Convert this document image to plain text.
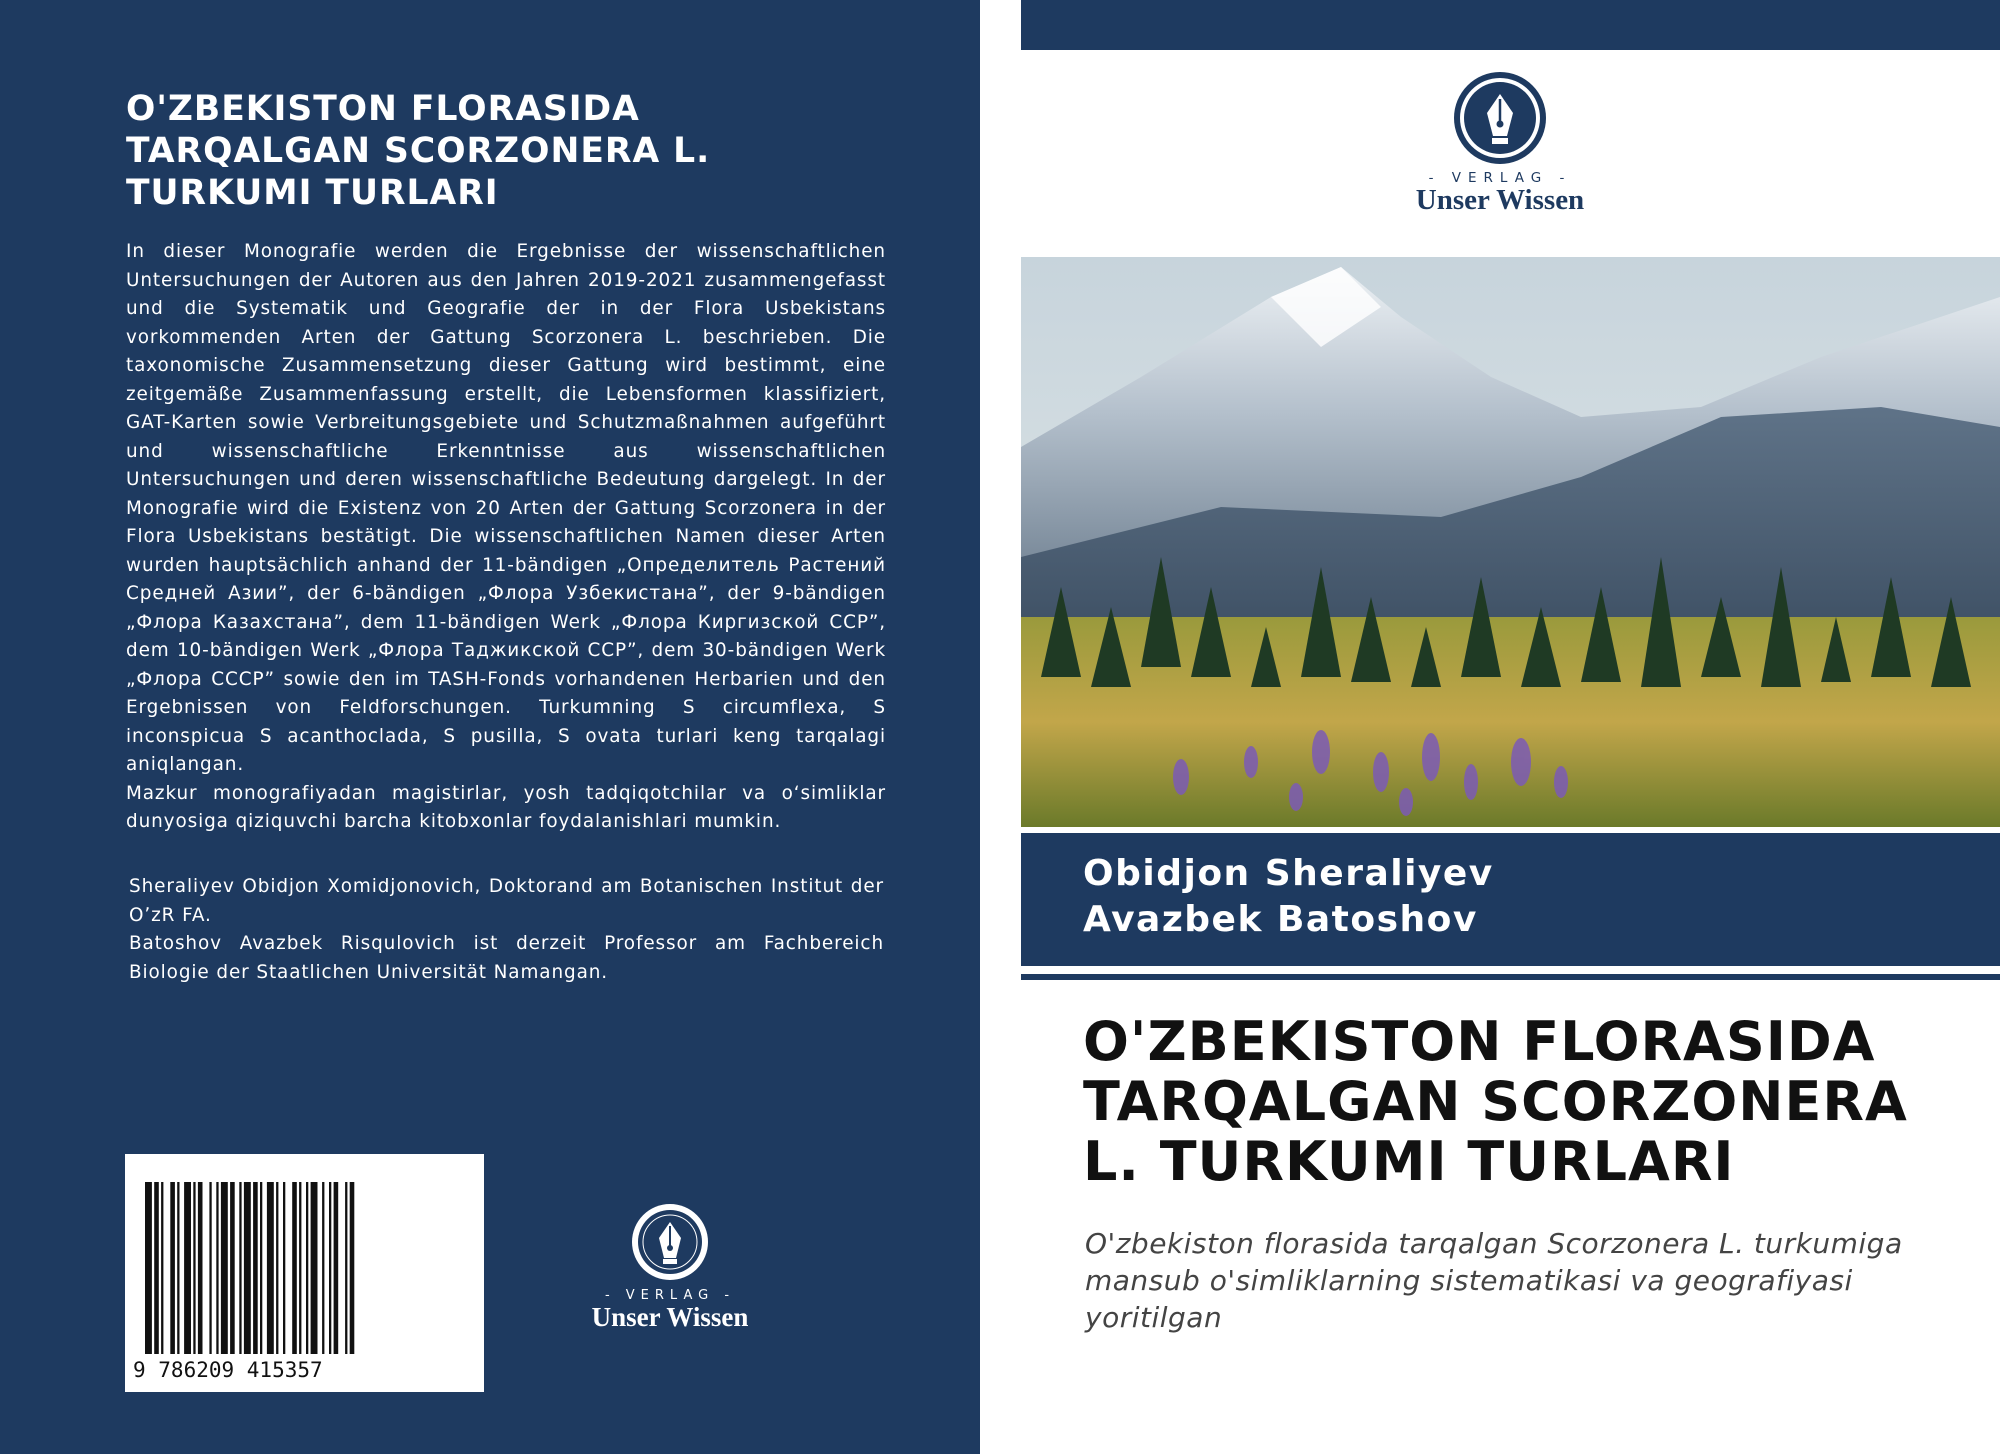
O'ZBEKISTON FLORASIDA
TARQALGAN SCORZONERA L.
TURKUMI TURLARI

In dieser Monografie werden die Ergebnisse der wissenschaftlichen Untersuchungen der Autoren aus den Jahren 2019-2021 zusammengefasst und die Systematik und Geografie der in der Flora Usbekistans vorkommenden Arten der Gattung Scorzonera L. beschrieben. Die taxonomische Zusammensetzung dieser Gattung wird bestimmt, eine zeitgemäße Zusammenfassung erstellt, die Lebensformen klassifiziert, GAT-Karten sowie Verbreitungsgebiete und Schutzmaßnahmen aufgeführt und wissenschaftliche Erkenntnisse aus wissenschaftlichen Untersuchungen und deren wissenschaftliche Bedeutung dargelegt. In der Monografie wird die Existenz von 20 Arten der Gattung Scorzonera in der Flora Usbekistans bestätigt. Die wissenschaftlichen Namen dieser Arten wurden hauptsächlich anhand der 11-bändigen „Определитель Растений Средней Азии”, der 6-bändigen „Флора Узбекистана”, der 9-bändigen „Флора Казахстана”, dem 11-bändigen Werk „Флора Киргизской ССР”, dem 10-bändigen Werk „Флора Таджикской ССР”, dem 30-bändigen Werk „Флора СССР” sowie den im TASH-Fonds vorhandenen Herbarien und den Ergebnissen von Feldforschungen. Turkumning S circumflexa, S inconspicua S acanthoclada, S pusilla, S ovata turlari keng tarqalagi aniqlangan.

Mazkur monografiyadan magistirlar, yosh tadqiqotchilar va oʻsimliklar dunyosiga qiziquvchi barcha kitobxonlar foydalanishlari mumkin.

Sheraliyev Obidjon Xomidjonovich, Doktorand am Botanischen Institut der OʼzR FA.

Batoshov Avazbek Risqulovich ist derzeit Professor am Fachbereich Biologie der Staatlichen Universität Namangan.

9 786209 415357
- VERLAG -
Unser Wissen
- VERLAG -
Unser Wissen
Obidjon Sheraliyev
Avazbek Batoshov
O'ZBEKISTON FLORASIDA
TARQALGAN SCORZONERA
L. TURKUMI TURLARI
O'zbekiston florasida tarqalgan Scorzonera L. turkumiga
mansub o'simliklarning sistematikasi va geografiyasi
yoritilgan
